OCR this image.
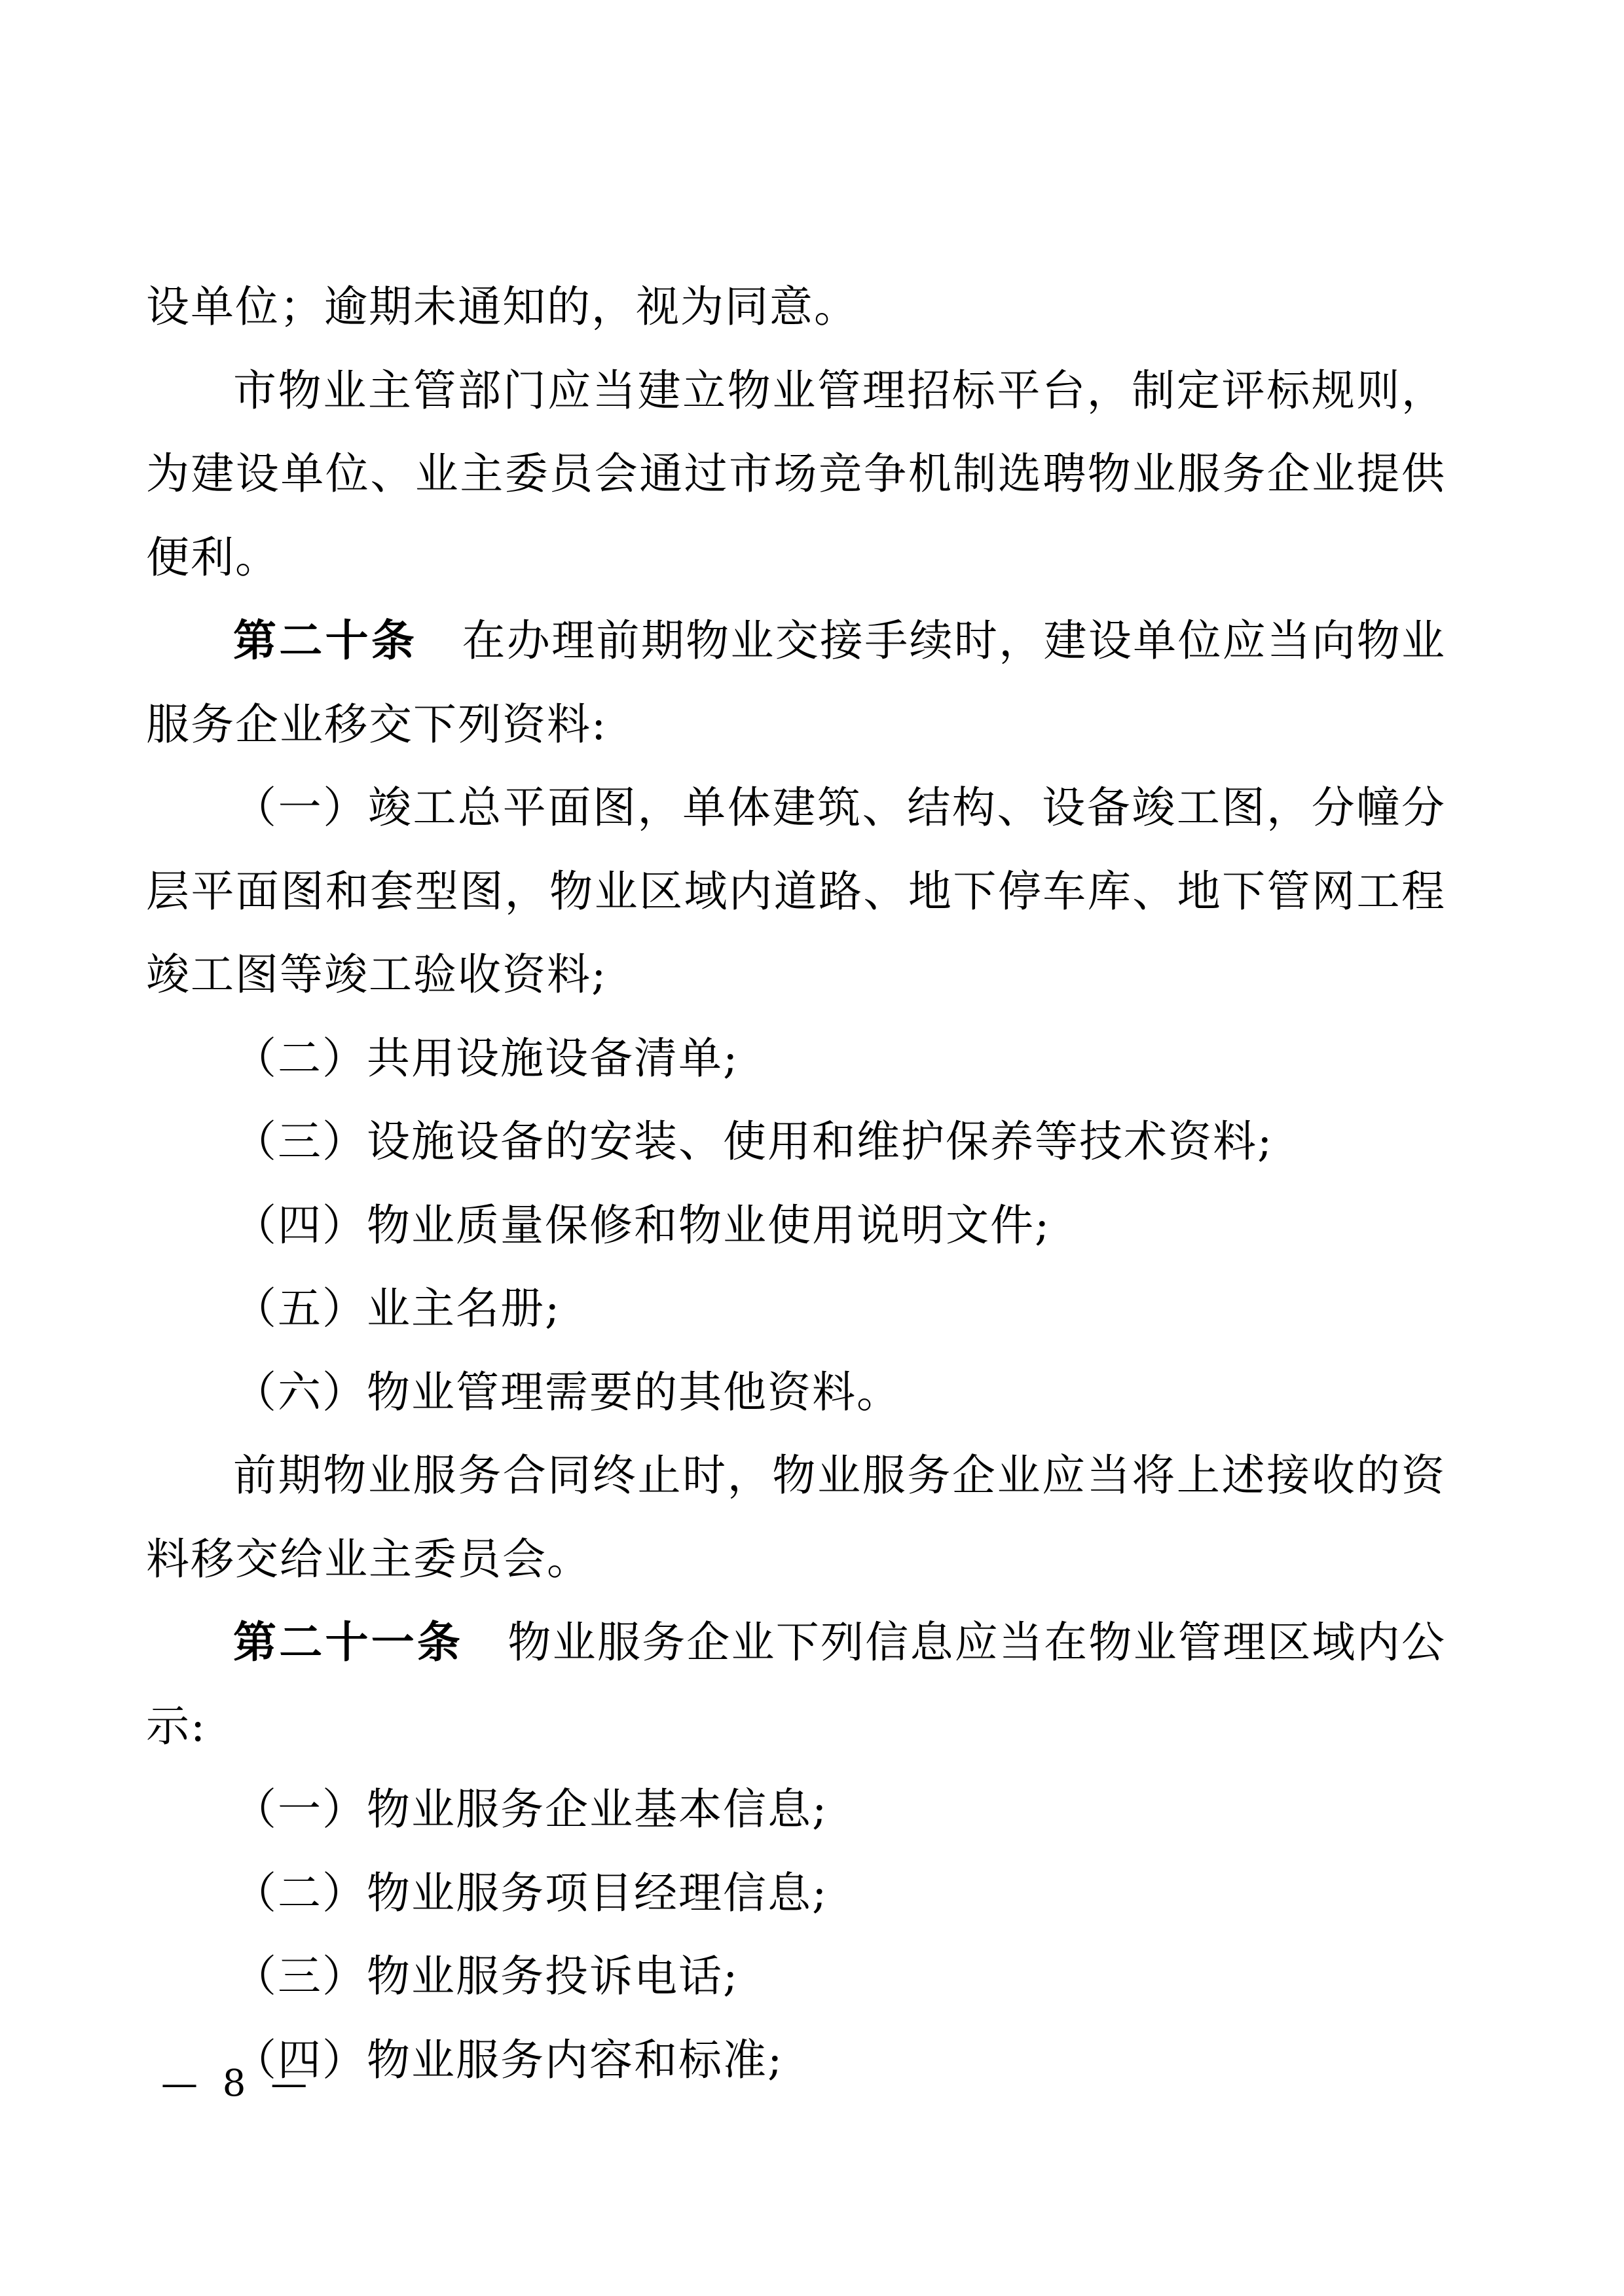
设单位；逾期未通知的，视为同意。

市物业主管部门应当建立物业管理招标平台，制定评标规则，为建设单位、业主委员会通过市场竞争机制选聘物业服务企业提供便利。

第二十条　在办理前期物业交接手续时，建设单位应当向物业服务企业移交下列资料:

（一）竣工总平面图，单体建筑、结构、设备竣工图，分幢分层平面图和套型图，物业区域内道路、地下停车库、地下管网工程竣工图等竣工验收资料;

（二）共用设施设备清单;

（三）设施设备的安装、使用和维护保养等技术资料;

（四）物业质量保修和物业使用说明文件;

（五）业主名册;

（六）物业管理需要的其他资料。

前期物业服务合同终止时，物业服务企业应当将上述接收的资料移交给业主委员会。

第二十一条　物业服务企业下列信息应当在物业管理区域内公示:

（一）物业服务企业基本信息;

（二）物业服务项目经理信息;

（三）物业服务投诉电话;

（四）物业服务内容和标准;

— 8 —
